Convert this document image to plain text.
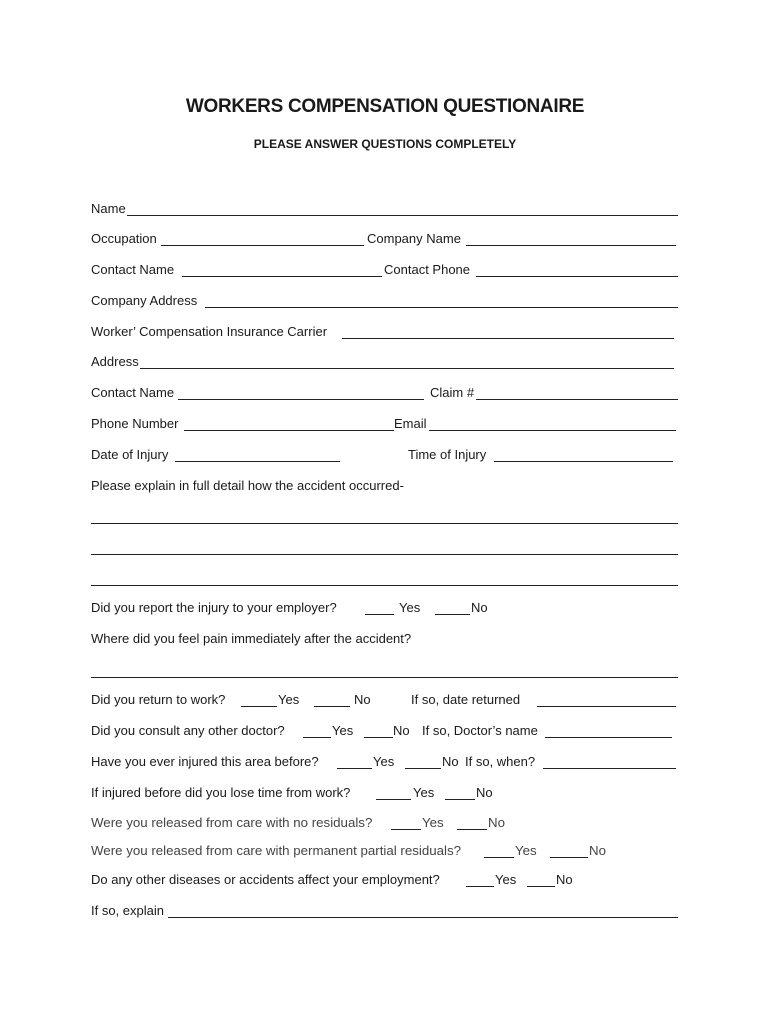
WORKERS COMPENSATION QUESTIONAIRE
PLEASE ANSWER QUESTIONS COMPLETELY
Name
Occupation	Company Name
Contact Name	Contact Phone
Company Address
Worker’ Compensation Insurance Carrier
Address
Contact Name	Claim #
Phone Number	Email
Date of Injury	Time of Injury
Please explain in full detail how the accident occurred-
Did you report the injury to your employer?	Yes	No
Where did you feel pain immediately after the accident?
Did you return to work?	Yes	No	If so, date returned
Did you consult any other doctor?	Yes	No If so, Doctor’s name
Have you ever injured this area before?	Yes	No If so, when?
If injured before did you lose time from work?	Yes	No
Were you released from care with no residuals?	Yes	No
Were you released from care with permanent partial residuals?	Yes	No
Do any other diseases or accidents affect your employment?	Yes	No
If so, explain
